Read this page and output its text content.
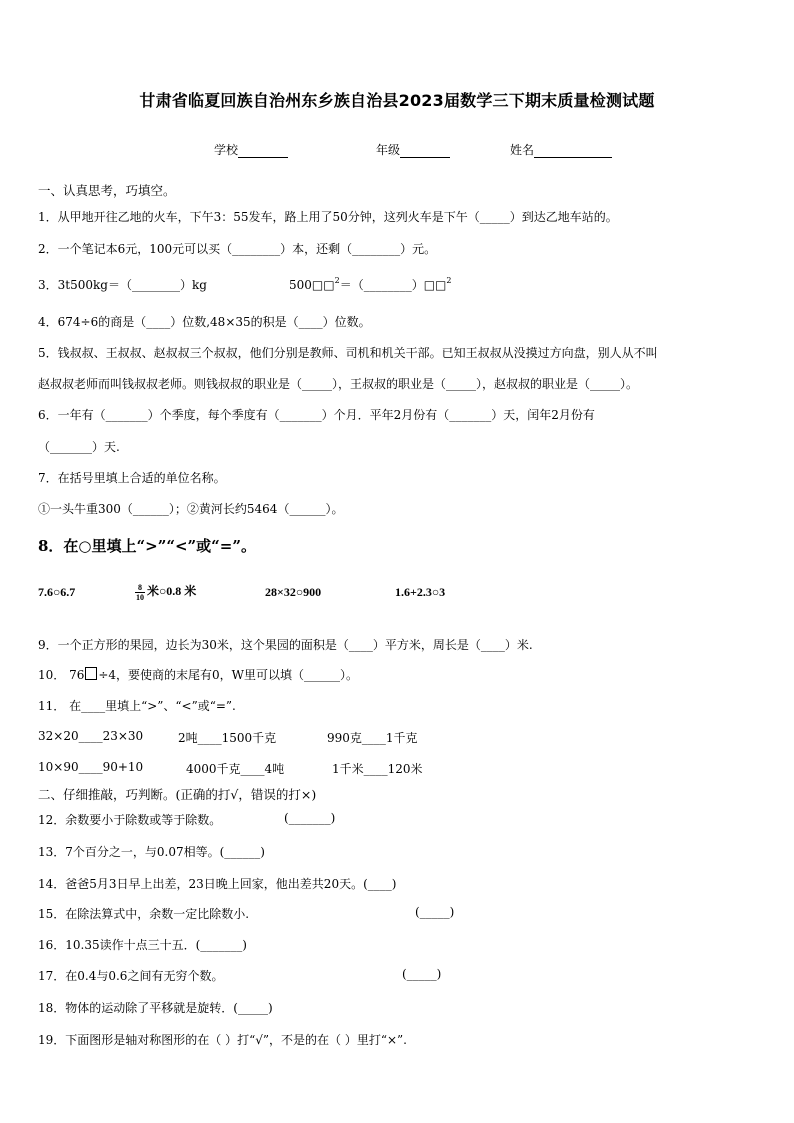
甘肃省临夏回族自治州东乡族自治县2023届数学三下期末质量检测试题
学校	年级	姓名
一、认真思考，巧填空。
1．从甲地开往乙地的火车，下午3：55发车，路上用了50分钟，这列火车是下午（_____）到达乙地车站的。
2．一个笔记本6元，100元可以买（________）本，还剩（________）元。
3．3t500kg＝（________）kg	500□□$^2$＝（________）□□$^2$
4．674÷6的商是（____）位数,48×35的积是（____）位数。
5．钱叔叔、王叔叔、赵叔叔三个叔叔，他们分别是教师、司机和机关干部。已知王叔叔从没摸过方向盘，别人从不叫
赵叔叔老师而叫钱叔叔老师。则钱叔叔的职业是（_____），王叔叔的职业是（_____），赵叔叔的职业是（_____）。
6．一年有（_______）个季度，每个季度有（_______）个月．平年2月份有（_______）天，闰年2月份有
（_______）天.
7．在括号里填上合适的单位名称。
①一头牛重300（______）；②黄河长约5464（______）。
8．在○里填上“>”“<”或“=”。
7.6○6.7	$\frac{8}{10}$ 米○0.8 米	28×32○900	1.6+2.3○3
9．一个正方形的果园，边长为30米，这个果园的面积是（____）平方米，周长是（____）米.
10． 76 ÷4，要使商的末尾有0，W里可以填（______）。
11． 在____里填上“>”、“<”或“=”.
32×20____23×30	2吨____1500千克	990克____1千克
10×90____90+10	4000千克____4吨	1千米____120米
二、仔细推敲，巧判断。(正确的打√，错误的打×)
12．余数要小于除数或等于除数。	(_______)
13．7个百分之一，与0.07相等。(______)
14．爸爸5月3日早上出差，23日晚上回家，他出差共20天。(____)
15．在除法算式中，余数一定比除数小.	(_____)
16．10.35读作十点三十五．(_______)
17．在0.4与0.6之间有无穷个数。	(_____)
18．物体的运动除了平移就是旋转．(_____)
19．下面图形是轴对称图形的在（ ）打“√”，不是的在（ ）里打“×”.
